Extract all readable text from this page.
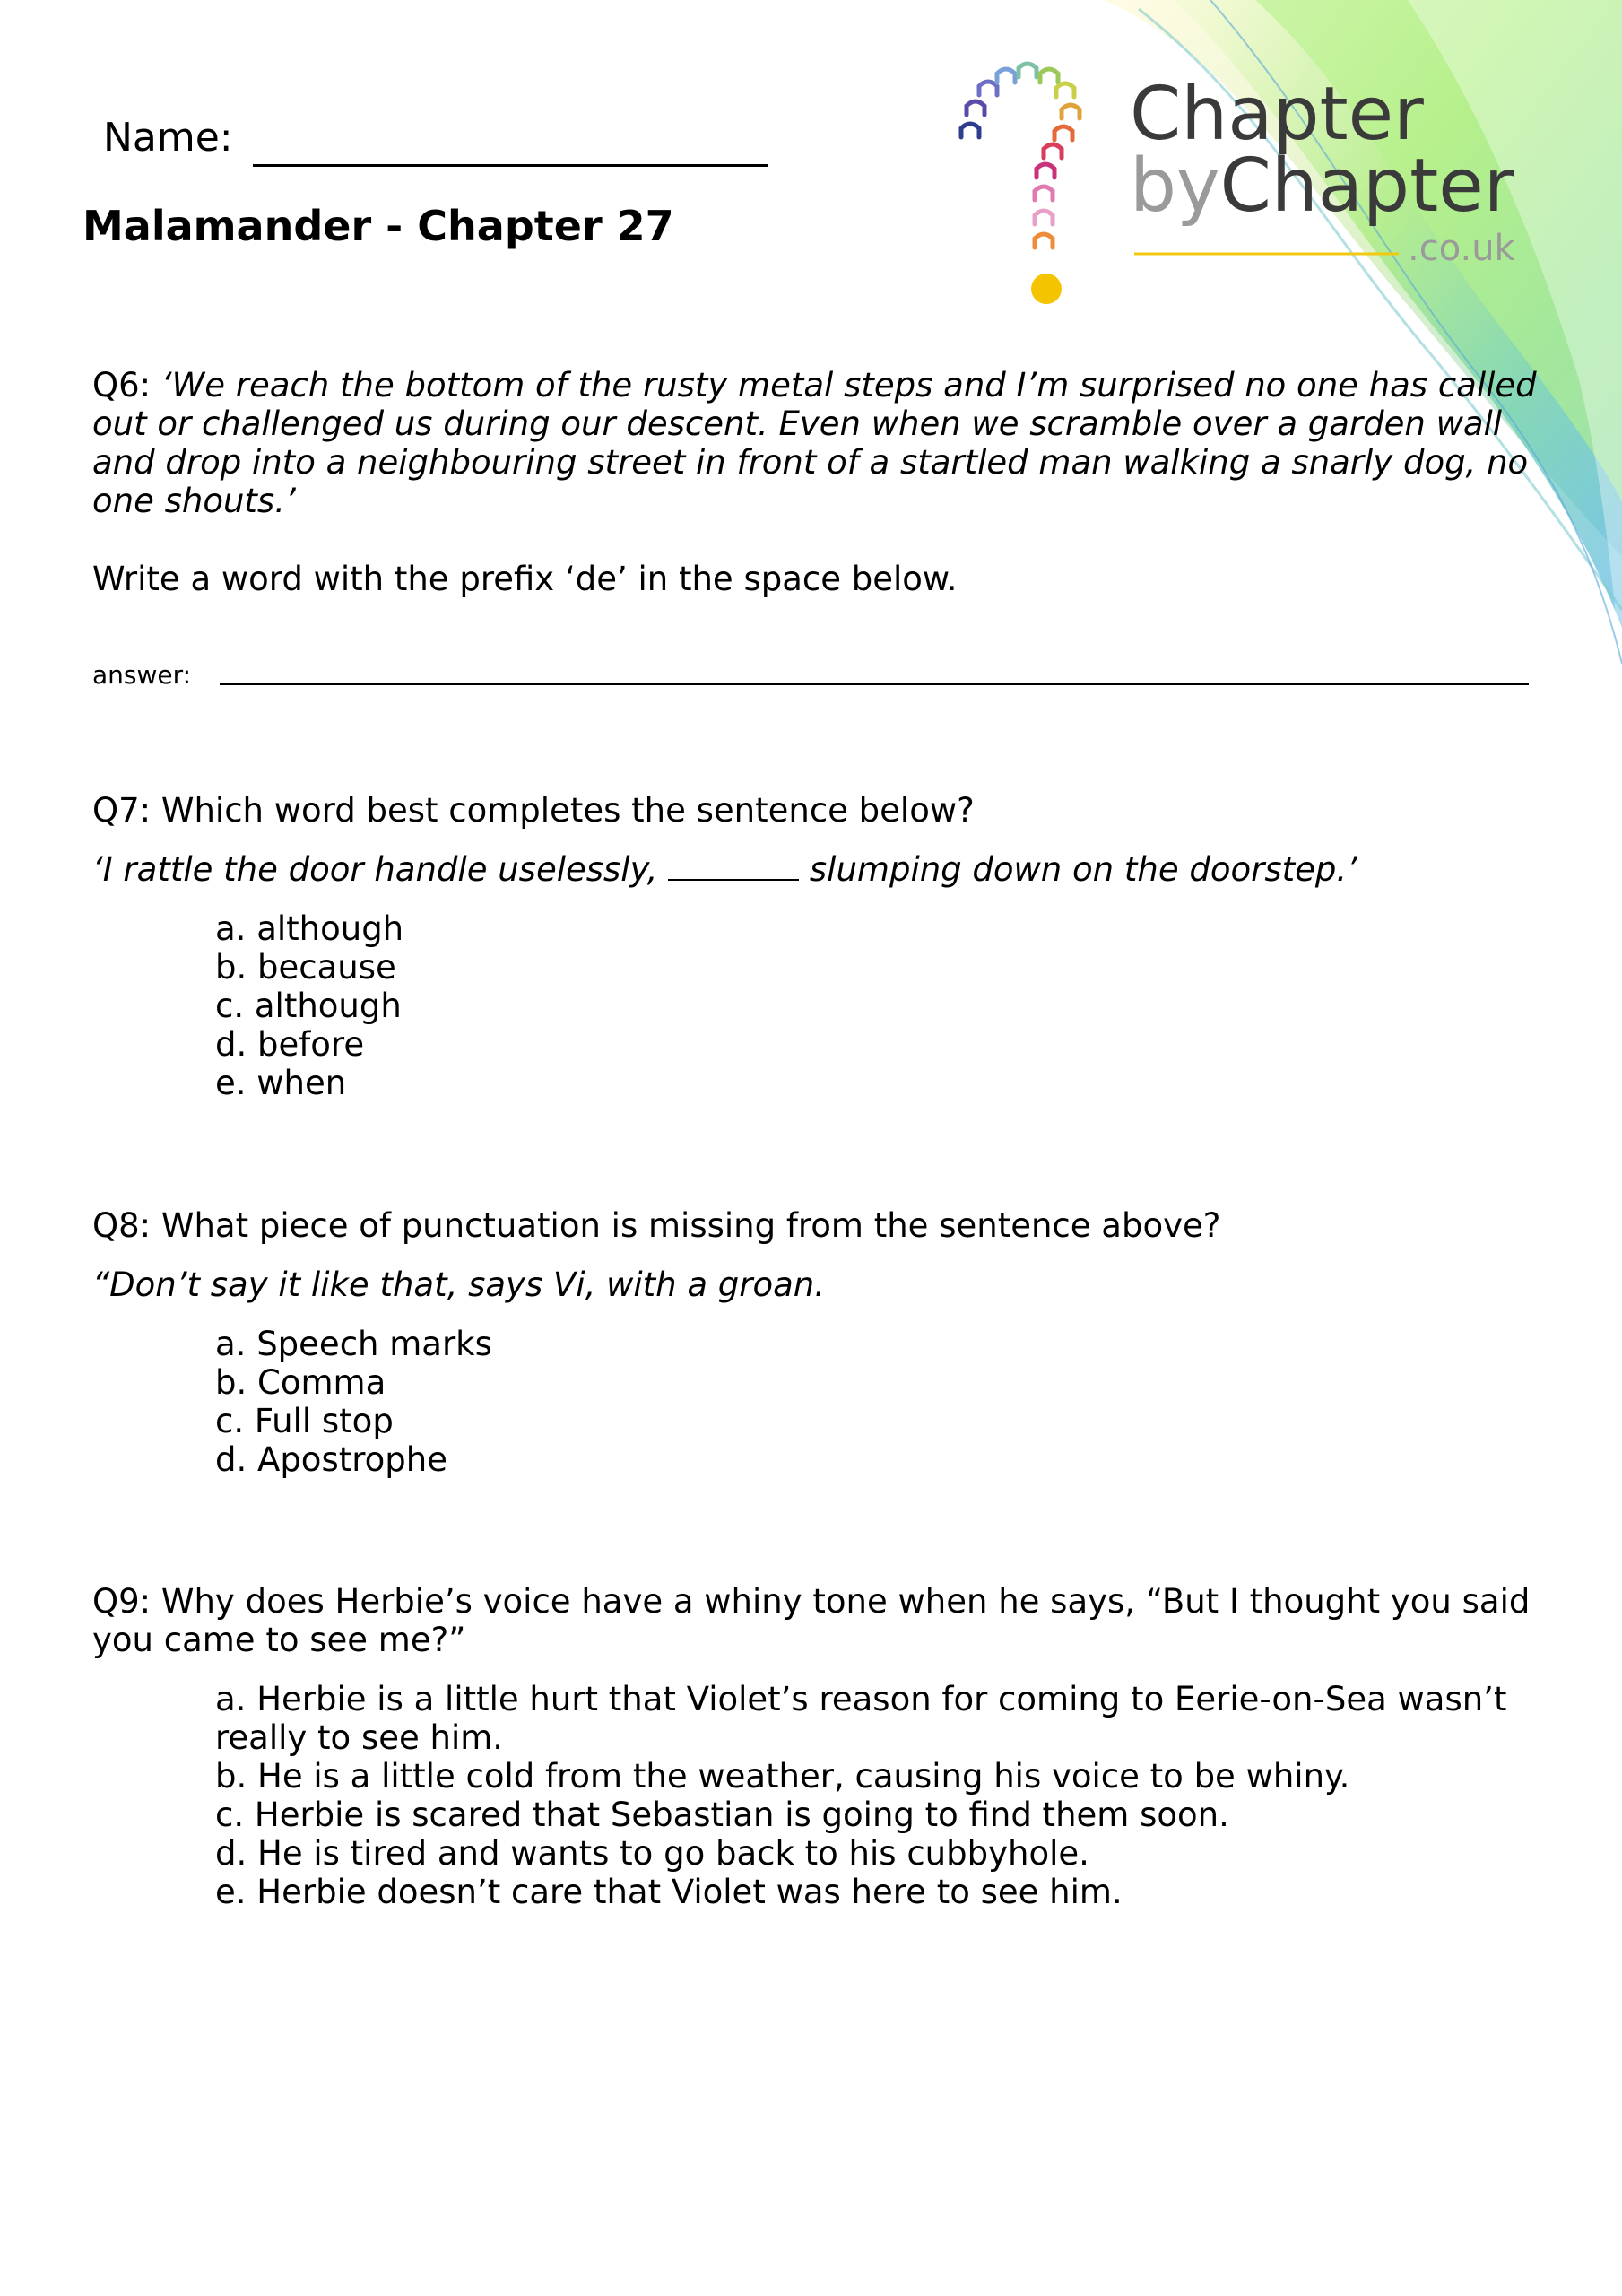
Chapter
byChapter
.co.uk
Name:
Malamander - Chapter 27
Q6: ‘We reach the bottom of the rusty metal steps and I’m surprised no one has called out or challenged us during our descent. Even when we scramble over a garden wall and drop into a neighbouring street in front of a startled man walking a snarly dog, no one shouts.’
Write a word with the prefix ‘de’ in the space below.
answer:
Q7: Which word best completes the sentence below?
‘I rattle the door handle uselessly,	slumping down on the doorstep.’
a. although
b. because
c. although
d. before
e. when
Q8: What piece of punctuation is missing from the sentence above?
“Don’t say it like that, says Vi, with a groan.
a. Speech marks
b. Comma
c. Full stop
d. Apostrophe
Q9: Why does Herbie’s voice have a whiny tone when he says, “But I thought you said you came to see me?”
a. Herbie is a little hurt that Violet’s reason for coming to Eerie-on-Sea wasn’t really to see him.
b. He is a little cold from the weather, causing his voice to be whiny.
c. Herbie is scared that Sebastian is going to find them soon.
d. He is tired and wants to go back to his cubbyhole.
e. Herbie doesn’t care that Violet was here to see him.
